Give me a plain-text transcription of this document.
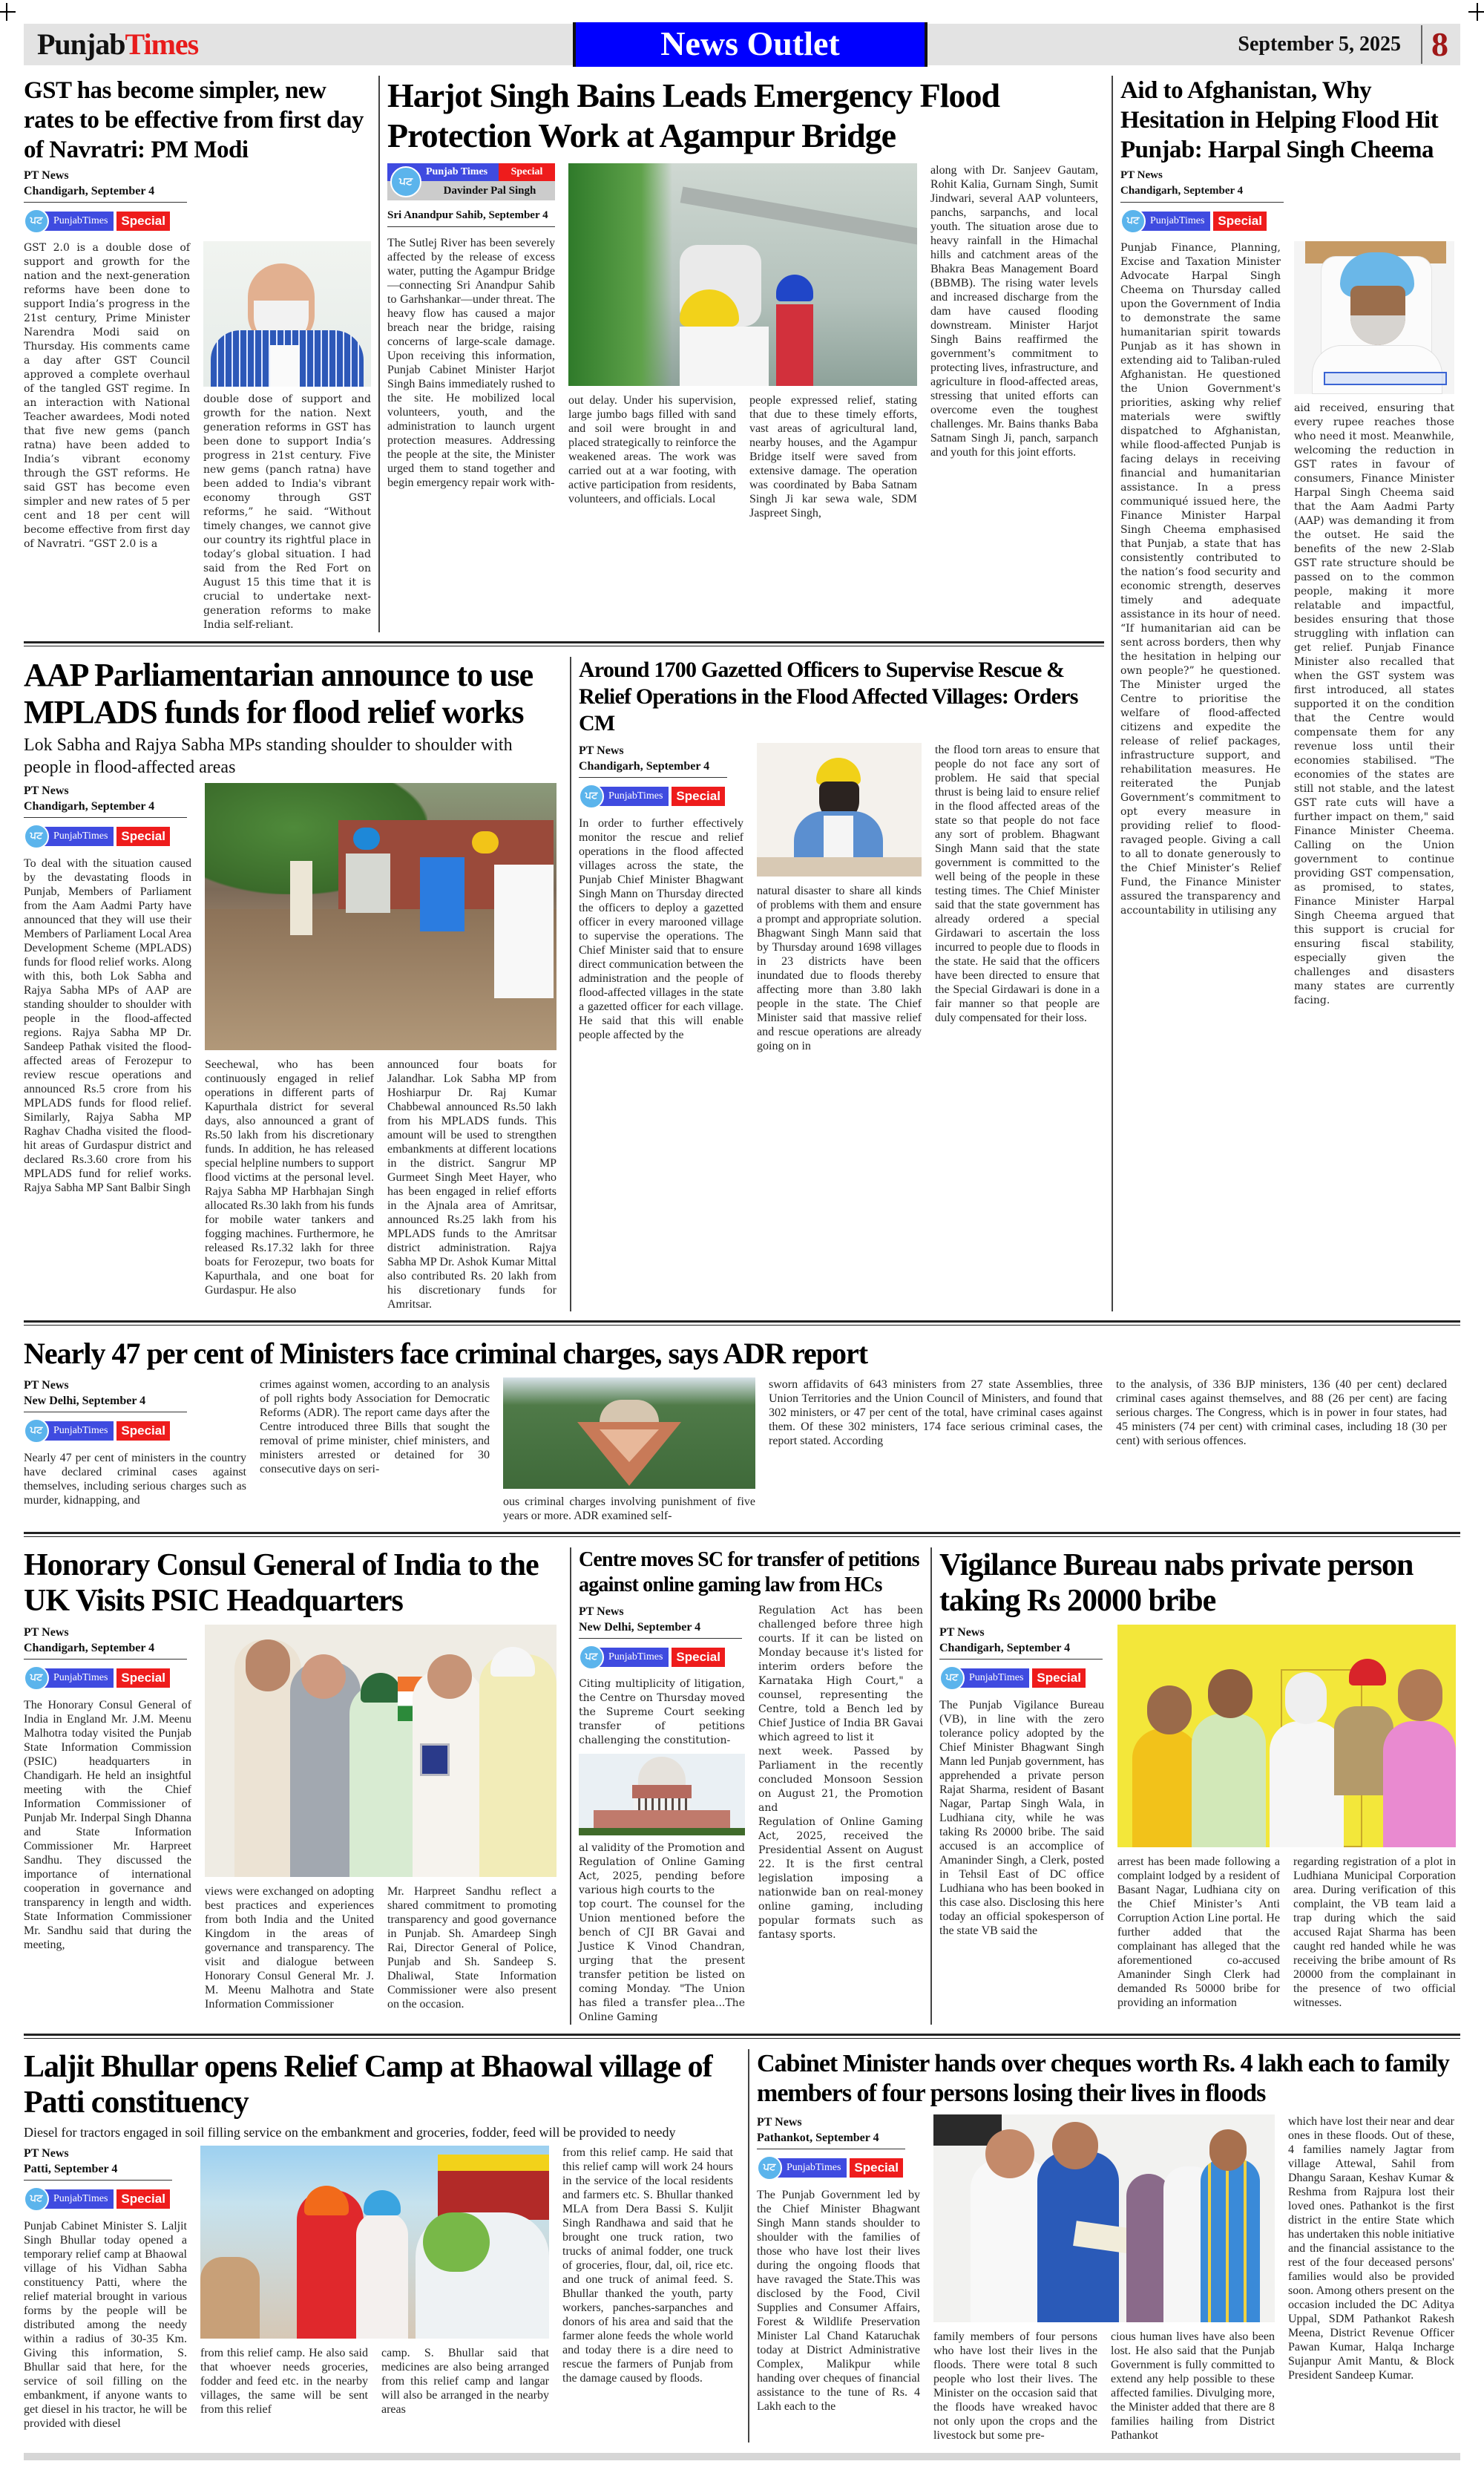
PunjabTimes	News Outlet	September 5, 2025 8
GST has become simpler, new rates to be effective from first day of Navratri: PM Modi
PT News
Chandigarh, September 4
ਪਟ	PunjabTimes	Special
GST 2.0 is a double dose of support and growth for the nation and the next-generation reforms have been done to support India’s progress in the 21st century, Prime Minister Narendra Modi said on Thursday. His comments came a day after GST Council approved a complete overhaul of the tangled GST regime. In an interaction with National Teacher awardees, Modi noted that five new gems (panch ratna) have been added to India’s vibrant economy through the GST reforms. He said GST has become even simpler and new rates of 5 per cent and 18 per cent will become effective from first day of Navratri. “GST 2.0 is a
double dose of support and growth for the nation. Next generation reforms in GST has been done to support India’s progress in 21st century. Five new gems (panch ratna) have been added to India's vibrant economy through GST reforms,” he said. “Without timely changes, we cannot give our country its rightful place in today’s global situation. I had said from the Red Fort on August 15 this time that it is crucial to undertake next-generation reforms to make India self-reliant.
Harjot Singh Bains Leads Emergency Flood Protection Work at Agampur Bridge
Punjab Times	Special
ਪਟ
Davinder Pal Singh
Sri Anandpur Sahib, September 4
The Sutlej River has been severely affected by the release of excess water, putting the Agampur Bridge—connecting Sri Anandpur Sahib to Garhshankar—under threat. The heavy flow has caused a major breach near the bridge, raising concerns of large-scale damage. Upon receiving this information, Punjab Cabinet Minister Harjot Singh Bains immediately rushed to the site. He mobilized local volunteers, youth, and the administration to launch urgent protection measures. Addressing the people at the site, the Minister urged them to stand together and begin emergency repair work with-
out delay. Under his supervision, large jumbo bags filled with sand and soil were brought in and placed strategically to reinforce the weakened areas. The work was carried out at a war footing, with active participation from residents, volunteers, and officials. Local
people expressed relief, stating that due to these timely efforts, vast areas of agricultural land, nearby houses, and the Agampur Bridge itself were saved from extensive damage. The operation was coordinated by Baba Satnam Singh Ji kar sewa wale, SDM Jaspreet Singh,
along with Dr. Sanjeev Gautam, Rohit Kalia, Gurnam Singh, Sumit Jindwari, several AAP volunteers, panchs, sarpanchs, and local youth. The situation arose due to heavy rainfall in the Himachal hills and catchment areas of the Bhakra Beas Management Board (BBMB). The rising water levels and increased discharge from the dam have caused flooding downstream. Minister Harjot Singh Bains reaffirmed the government’s commitment to protecting lives, infrastructure, and agriculture in flood-affected areas, stressing that united efforts can overcome even the toughest challenges. Mr. Bains thanks Baba Satnam Singh Ji, panch, sarpanch and youth for this joint efforts.
AAP Parliamentarian announce to use MPLADS funds for flood relief works
Lok Sabha and Rajya Sabha MPs standing shoulder to shoulder with people in flood-affected areas
PT News
Chandigarh, September 4
ਪਟ	PunjabTimes	Special
To deal with the situation caused by the devastating floods in Punjab, Members of Parliament from the Aam Aadmi Party have announced that they will use their Members of Parliament Local Area Development Scheme (MPLADS) funds for flood relief works. Along with this, both Lok Sabha and Rajya Sabha MPs of AAP are standing shoulder to shoulder with people in the flood-affected regions. Rajya Sabha MP Dr. Sandeep Pathak visited the flood-affected areas of Ferozepur to review rescue operations and announced Rs.5 crore from his MPLADS funds for flood relief. Similarly, Rajya Sabha MP Raghav Chadha visited the flood-hit areas of Gurdaspur district and declared Rs.3.60 crore from his MPLADS fund for relief works. Rajya Sabha MP Sant Balbir Singh
Seechewal, who has been continuously engaged in relief operations in different parts of Kapurthala district for several days, also announced a grant of Rs.50 lakh from his discretionary funds. In addition, he has released special helpline numbers to support flood victims at the personal level. Rajya Sabha MP Harbhajan Singh allocated Rs.30 lakh from his funds for mobile water tankers and fogging machines. Furthermore, he released Rs.17.32 lakh for three boats for Ferozepur, two boats for Kapurthala, and one boat for Gurdaspur. He also
announced four boats for Jalandhar. Lok Sabha MP from Hoshiarpur Dr. Raj Kumar Chabbewal announced Rs.50 lakh from his MPLADS funds. This amount will be used to strengthen embankments at different locations in the district. Sangrur MP Gurmeet Singh Meet Hayer, who has been engaged in relief efforts in the Ajnala area of Amritsar, announced Rs.25 lakh from his MPLADS funds to the Amritsar district administration. Rajya Sabha MP Dr. Ashok Kumar Mittal also contributed Rs. 20 lakh from his discretionary funds for Amritsar.
Around 1700 Gazetted Officers to Supervise Rescue & Relief Operations in the Flood Affected Villages: Orders CM
PT News
Chandigarh, September 4
ਪਟ	PunjabTimes	Special
In order to further effectively monitor the rescue and relief operations in the flood affected villages across the state, the Punjab Chief Minister Bhagwant Singh Mann on Thursday directed the officers to deploy a gazetted officer in every marooned village to supervise the operations. The Chief Minister said that to ensure direct communication between the administration and the people of flood-affected villages in the state a gazetted officer for each village. He said that this will enable people affected by the
natural disaster to share all kinds of problems with them and ensure a prompt and appropriate solution. Bhagwant Singh Mann said that by Thursday around 1698 villages in 23 districts have been inundated due to floods thereby affecting more than 3.80 lakh people in the state. The Chief Minister said that massive relief and rescue operations are already going on in
the flood torn areas to ensure that people do not face any sort of problem. He said that special thrust is being laid to ensure relief in the flood affected areas of the state so that people do not face any sort of problem. Bhagwant Singh Mann said that the state government is committed to the well being of the people in these testing times. The Chief Minister said that the state government has already ordered a special Girdawari to ascertain the loss incurred to people due to floods in the state. He said that the officers have been directed to ensure that the Special Girdawari is done in a fair manner so that people are duly compensated for their loss.
Aid to Afghanistan, Why Hesitation in Helping Flood Hit Punjab: Harpal Singh Cheema
PT News
Chandigarh, September 4
ਪਟ	PunjabTimes	Special
Punjab Finance, Planning, Excise and Taxation Minister Advocate Harpal Singh Cheema on Thursday called upon the Government of India to demonstrate the same humanitarian spirit towards Punjab as it has shown in extending aid to Taliban-ruled Afghanistan. He questioned the Union Government's priorities, asking why relief materials were swiftly dispatched to Afghanistan, while flood-affected Punjab is facing delays in receiving financial and humanitarian assistance. In a press communiqué issued here, the Finance Minister Harpal Singh Cheema emphasised that Punjab, a state that has consistently contributed to the nation’s food security and economic strength, deserves timely and adequate assistance in its hour of need. “If humanitarian aid can be sent across borders, then why the hesitation in helping our own people?” he questioned. The Minister urged the Centre to prioritise the welfare of flood-affected citizens and expedite the release of relief packages, infrastructure support, and rehabilitation measures. He reiterated the Punjab Government’s commitment to opt every measure in providing relief to flood-ravaged people. Giving a call to all to donate generously to the Chief Minister’s Relief Fund, the Finance Minister assured the transparency and accountability in utilising any
aid received, ensuring that every rupee reaches those who need it most. Meanwhile, welcoming the reduction in GST rates in favour of consumers, Finance Minister Harpal Singh Cheema said that the Aam Aadmi Party (AAP) was demanding it from the outset. He said the benefits of the new 2-Slab GST rate structure should be passed on to the common people, making it more relatable and impactful, besides ensuring that those struggling with inflation can get relief. Punjab Finance Minister also recalled that when the GST system was first introduced, all states supported it on the condition that the Centre would compensate them for any revenue loss until their economies stabilised. "The economies of the states are still not stable, and the latest GST rate cuts will have a further impact on them," said Finance Minister Cheema. Calling on the Union government to continue providing GST compensation, as promised, to states, Finance Minister Harpal Singh Cheema argued that this support is crucial for ensuring fiscal stability, especially given the challenges and disasters many states are currently facing.
Nearly 47 per cent of Ministers face criminal charges, says ADR report
PT News
New Delhi, September 4
ਪਟ	PunjabTimes	Special
Nearly 47 per cent of ministers in the country have declared criminal cases against themselves, including serious charges such as murder, kidnapping, and
crimes against women, according to an analysis of poll rights body Association for Democratic Reforms (ADR). The report came days after the Centre introduced three Bills that sought the removal of prime minister, chief ministers, and ministers arrested or detained for 30 consecutive days on seri-
ous criminal charges involving punishment of five years or more. ADR examined self-
sworn affidavits of 643 ministers from 27 state Assemblies, three Union Territories and the Union Council of Ministers, and found that 302 ministers, or 47 per cent of the total, have criminal cases against them. Of these 302 ministers, 174 face serious criminal cases, the report stated. According
to the analysis, of 336 BJP ministers, 136 (40 per cent) declared criminal cases against themselves, and 88 (26 per cent) are facing serious charges. The Congress, which is in power in four states, had 45 ministers (74 per cent) with criminal cases, including 18 (30 per cent) with serious offences.
Honorary Consul General of India to the UK Visits PSIC Headquarters
PT News
Chandigarh, September 4
ਪਟ	PunjabTimes	Special
The Honorary Consul General of India in England Mr. J.M. Meenu Malhotra today visited the Punjab State Information Commission (PSIC) headquarters in Chandigarh. He held an insightful meeting with the Chief Information Commissioner of Punjab Mr. Inderpal Singh Dhanna and State Information Commissioner Mr. Harpreet Sandhu. They discussed the importance of international cooperation in governance and transparency in length and width. State Information Commissioner Mr. Sandhu said that during the meeting,
views were exchanged on adopting best practices and experiences from both India and the United Kingdom in the areas of governance and transparency. The visit and dialogue between Honorary Consul General Mr. J. M. Meenu Malhotra and State Information Commissioner
Mr. Harpreet Sandhu reflect a shared commitment to promoting transparency and good governance in Punjab. Sh. Amardeep Singh Rai, Director General of Police, Punjab and Sh. Sandeep S. Dhaliwal, State Information Commissioner were also present on the occasion.
Centre moves SC for transfer of petitions against online gaming law from HCs
PT News
New Delhi, September 4
ਪਟ	PunjabTimes	Special
Citing multiplicity of litigation, the Centre on Thursday moved the Supreme Court seeking transfer of petitions challenging the constitution-
al validity of the Promotion and Regulation of Online Gaming Act, 2025, pending before various high courts to the
top court. The counsel for the Union mentioned before the bench of CJI BR Gavai and Justice K Vinod Chandran, urging that the present transfer petition be listed on coming Monday. "The Union has filed a transfer plea...The Online Gaming
Regulation Act has been challenged before three high courts. If it can be listed on Monday because it's listed for interim orders before the Karnataka High Court," a counsel, representing the Centre, told a Bench led by Chief Justice of India BR Gavai which agreed to list it
next week. Passed by Parliament in the recently concluded Monsoon Session on August 21, the Promotion and
Regulation of Online Gaming Act, 2025, received the Presidential Assent on August 22. It is the first central legislation imposing a nationwide ban on real-money online gaming, including popular formats such as fantasy sports.
Vigilance Bureau nabs private person taking Rs 20000 bribe
PT News
Chandigarh, September 4
ਪਟ	PunjabTimes	Special
The Punjab Vigilance Bureau (VB), in line with the zero tolerance policy adopted by the Chief Minister Bhagwant Singh Mann led Punjab government, has apprehended a private person Rajat Sharma, resident of Basant Nagar, Partap Singh Wala, in Ludhiana city, while he was taking Rs 20000 bribe. The said accused is an accomplice of Amaninder Singh, a Clerk, posted in Tehsil East of DC office Ludhiana who has been booked in this case also. Disclosing this here today an official spokesperson of the state VB said the
arrest has been made following a complaint lodged by a resident of Basant Nagar, Ludhiana city on the Chief Minister’s Anti Corruption Action Line portal. He further added that the complainant has alleged that the aforementioned co-accused Amaninder Singh Clerk had demanded Rs 50000 bribe for providing an information
regarding registration of a plot in Ludhiana Municipal Corporation area. During verification of this complaint, the VB team laid a trap during which the said accused Rajat Sharma has been caught red handed while he was receiving the bribe amount of Rs 20000 from the complainant in the presence of two official witnesses.
Laljit Bhullar opens Relief Camp at Bhaowal village of Patti constituency
Diesel for tractors engaged in soil filling service on the embankment and groceries, fodder, feed will be provided to needy
PT News
Patti, September 4
ਪਟ	PunjabTimes	Special
Punjab Cabinet Minister S. Laljit Singh Bhullar today opened a temporary relief camp at Bhaowal village of his Vidhan Sabha constituency Patti, where the relief material brought in various forms by the people will be distributed among the needy within a radius of 30-35 Km. Giving this information, S. Bhullar said that here, for the service of soil filling on the embankment, if anyone wants to get diesel in his tractor, he will be provided with diesel
from this relief camp. He also said that whoever needs groceries, fodder and feed etc. in the nearby villages, the same will be sent from this relief
camp. S. Bhullar said that medicines are also being arranged from this relief camp and langar will also be arranged in the nearby areas
from this relief camp. He said that this relief camp will work 24 hours in the service of the local residents and farmers etc. S. Bhullar thanked MLA from Dera Bassi S. Kuljit Singh Randhawa and said that he brought one truck ration, two trucks of animal fodder, one truck of groceries, flour, dal, oil, rice etc. and one truck of animal feed. S. Bhullar thanked the youth, party workers, panches-sarpanches and donors of his area and said that the farmer alone feeds the whole world and today there is a dire need to rescue the farmers of Punjab from the damage caused by floods.
Cabinet Minister hands over cheques worth Rs. 4 lakh each to family members of four persons losing their lives in floods
PT News
Pathankot, September 4
ਪਟ	PunjabTimes	Special
The Punjab Government led by the Chief Minister Bhagwant Singh Mann stands shoulder to shoulder with the families of those who have lost their lives during the ongoing floods that have ravaged the State.This was disclosed by the Food, Civil Supplies and Consumer Affairs, Forest & Wildlife Preservation Minister Lal Chand Kataruchak today at District Administrative Complex, Malikpur while handing over cheques of financial assistance to the tune of Rs. 4 Lakh each to the
family members of four persons who have lost their lives in the floods. There were total 8 such people who lost their lives. The Minister on the occasion said that the floods have wreaked havoc not only upon the crops and the livestock but some pre-
cious human lives have also been lost. He also said that the Punjab Government is fully committed to extend any help possible to these affected families. Divulging more, the Minister added that there are 8 families hailing from District Pathankot
which have lost their near and dear ones in these floods. Out of these, 4 families namely Jagtar from village Attewal, Sahil from Dhangu Saraan, Keshav Kumar & Reshma from Rajpura lost their loved ones. Pathankot is the first district in the entire State which has undertaken this noble initiative and the financial assistance to the rest of the four deceased persons' families would also be provided soon. Among others present on the occasion included the DC Aditya Uppal, SDM Pathankot Rakesh Meena, District Revenue Officer Pawan Kumar, Halqa Incharge Sujanpur Amit Mantu, & Block President Sandeep Kumar.
